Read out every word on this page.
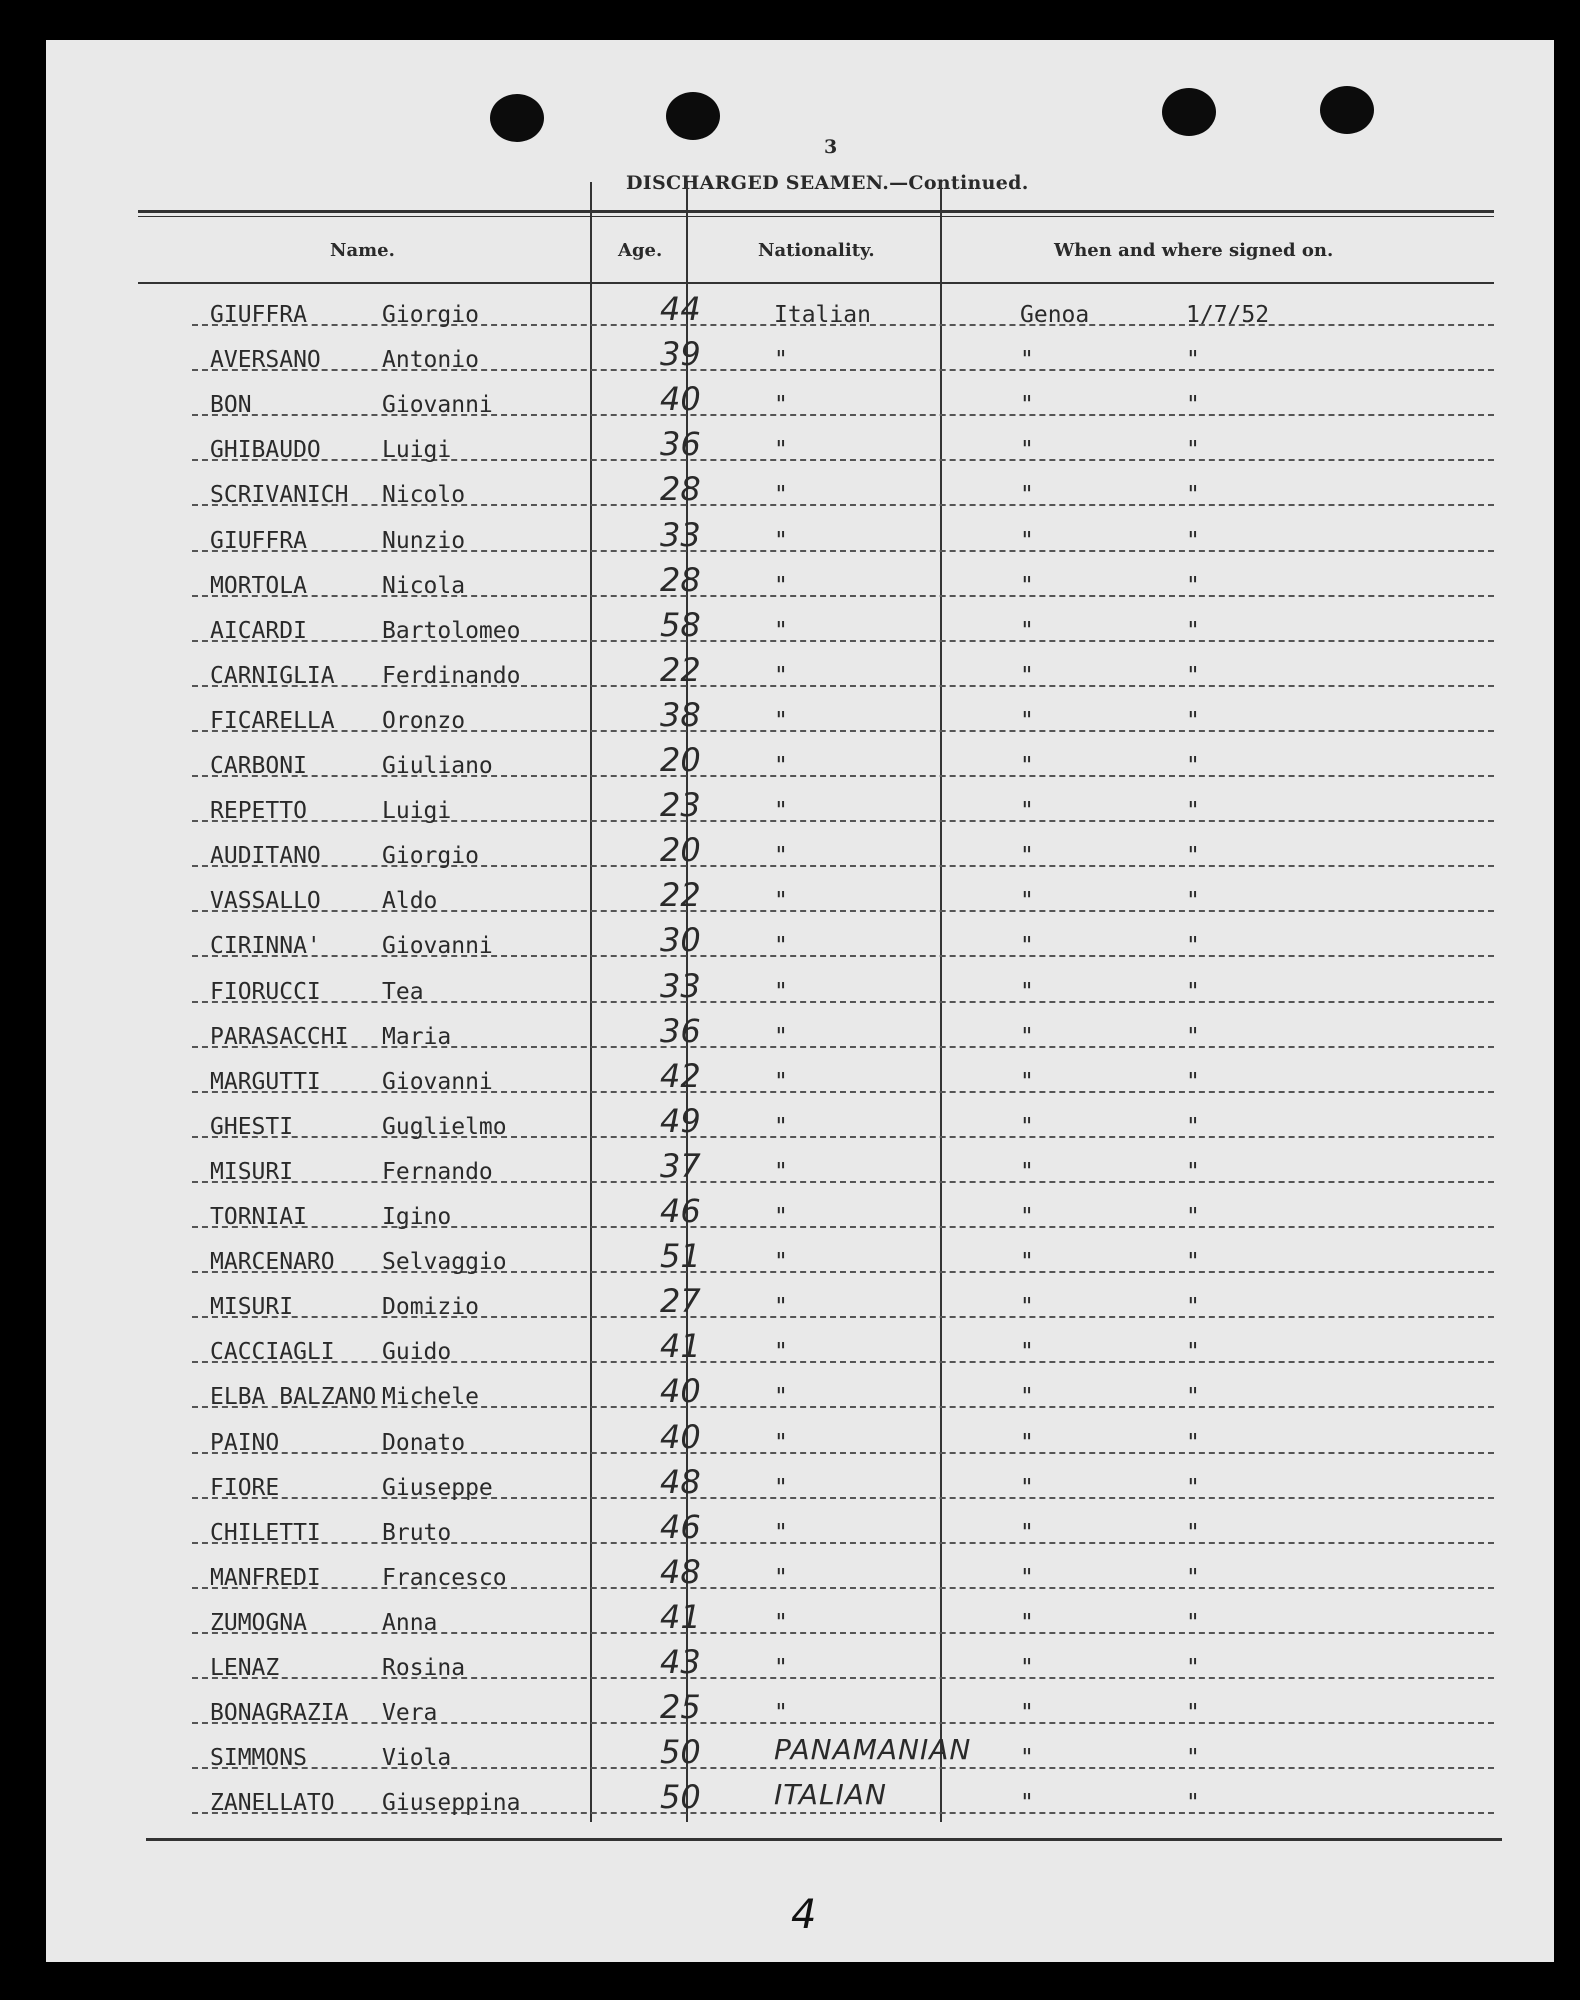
3
DISCHARGED SEAMEN.—Continued.
Name.	Age.	Nationality.	When and where signed on.
GIUFFRA	Giorgio	44	Italian	Genoa	1/7/52
AVERSANO	Antonio	39	"	"	"
BON	Giovanni	40	"	"	"
GHIBAUDO	Luigi	36	"	"	"
SCRIVANICH Nicolo	28	"	"	"
GIUFFRA	Nunzio	33	"	"	"
MORTOLA	Nicola	28	"	"	"
AICARDI	Bartolomeo	58	"	"	"
CARNIGLIA Ferdinando	22	"	"	"
FICARELLA Oronzo	38	"	"	"
CARBONI	Giuliano	20	"	"	"
REPETTO	Luigi	23	"	"	"
AUDITANO	Giorgio	20	"	"	"
VASSALLO	Aldo	22	"	"	"
CIRINNA'	Giovanni	30	"	"	"
FIORUCCI	Tea	33	"	"	"
PARASACCHI Maria	36	"	"	"
MARGUTTI	Giovanni	42	"	"	"
GHESTI	Guglielmo	49	"	"	"
MISURI	Fernando	37	"	"	"
TORNIAI	Igino	46	"	"	"
MARCENARO Selvaggio	51	"	"	"
MISURI	Domizio	27	"	"	"
CACCIAGLI Guido	41	"	"	"
ELBA BALZANO Michele	40	"	"	"
PAINO	Donato	40	"	"	"
FIORE	Giuseppe	48	"	"	"
CHILETTI	Bruto	46	"	"	"
MANFREDI	Francesco	48	"	"	"
ZUMOGNA	Anna	41	"	"	"
LENAZ	Rosina	43	"	"	"
BONAGRAZIA Vera	25	"	"	"
SIMMONS	Viola	50	PANAMANIAN "	"
ZANELLATO Giuseppina	50	ITALIAN	"	"
4
